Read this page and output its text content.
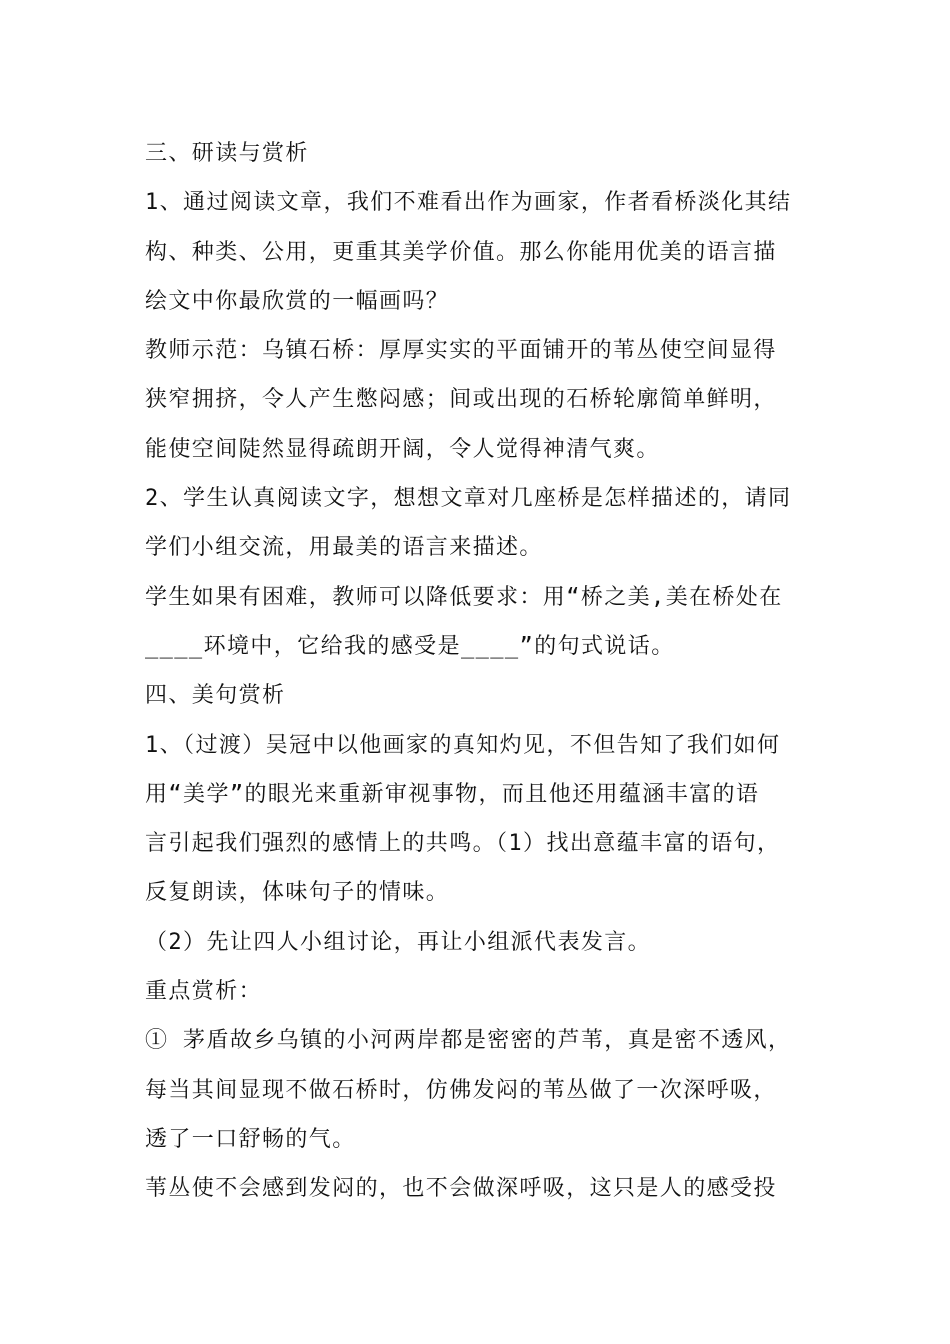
三、研读与赏析
1、通过阅读文章，我们不难看出作为画家，作者看桥淡化其结
构、种类、公用，更重其美学价值。那么你能用优美的语言描
绘文中你最欣赏的一幅画吗？
教师示范：乌镇石桥：厚厚实实的平面铺开的苇丛使空间显得
狭窄拥挤，令人产生憋闷感；间或出现的石桥轮廓简单鲜明，
能使空间陡然显得疏朗开阔，令人觉得神清气爽。
2、学生认真阅读文字，想想文章对几座桥是怎样描述的，请同
学们小组交流，用最美的语言来描述。
学生如果有困难，教师可以降低要求：用“桥之美,美在桥处在
____环境中，它给我的感受是____”的句式说话。
四、美句赏析
1、（过渡）吴冠中以他画家的真知灼见，不但告知了我们如何
用“美学”的眼光来重新审视事物，而且他还用蕴涵丰富的语
言引起我们强烈的感情上的共鸣。（1）找出意蕴丰富的语句，
反复朗读，体味句子的情味。
（2）先让四人小组讨论，再让小组派代表发言。
重点赏析：
① 茅盾故乡乌镇的小河两岸都是密密的芦苇，真是密不透风，
每当其间显现不做石桥时，仿佛发闷的苇丛做了一次深呼吸，
透了一口舒畅的气。
苇丛使不会感到发闷的，也不会做深呼吸，这只是人的感受投
